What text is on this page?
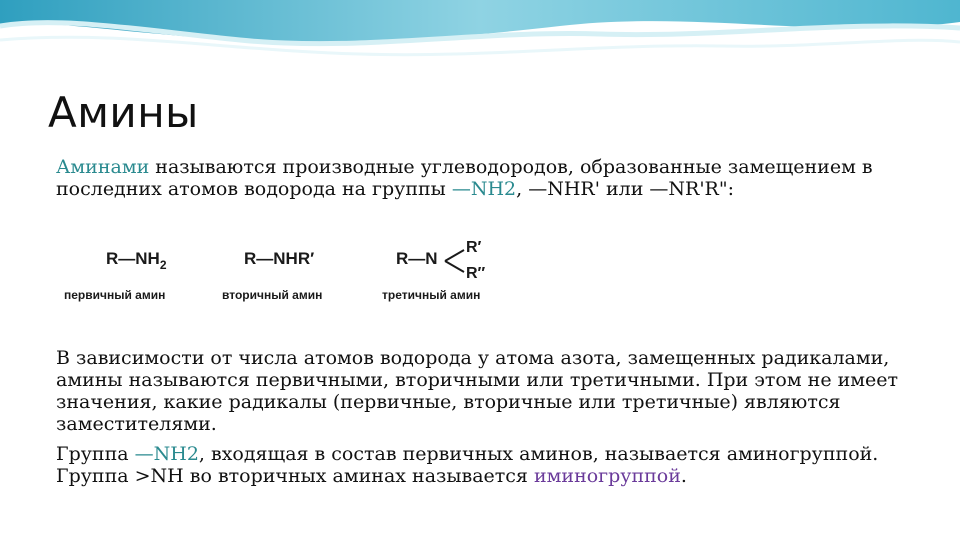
Амины

Аминами называются производные углеводородов, образованные замещением в последних атомов водорода на группы —NH2, —NHR' или —NR'R":

$R—NH_2$
первичный амин
R—NHR′
вторичный амин
R—N
R′
R″
третичный амин

В зависимости от числа атомов водорода у атома азота, замещенных радикалами, амины называются первичными, вторичными или третичными. При этом не имеет значения, какие радикалы (первичные, вторичные или третичные) являются заместителями.

Группа —NH2, входящая в состав первичных аминов, называется аминогруппой. Группа >NH во вторичных аминах называется иминогруппой.
